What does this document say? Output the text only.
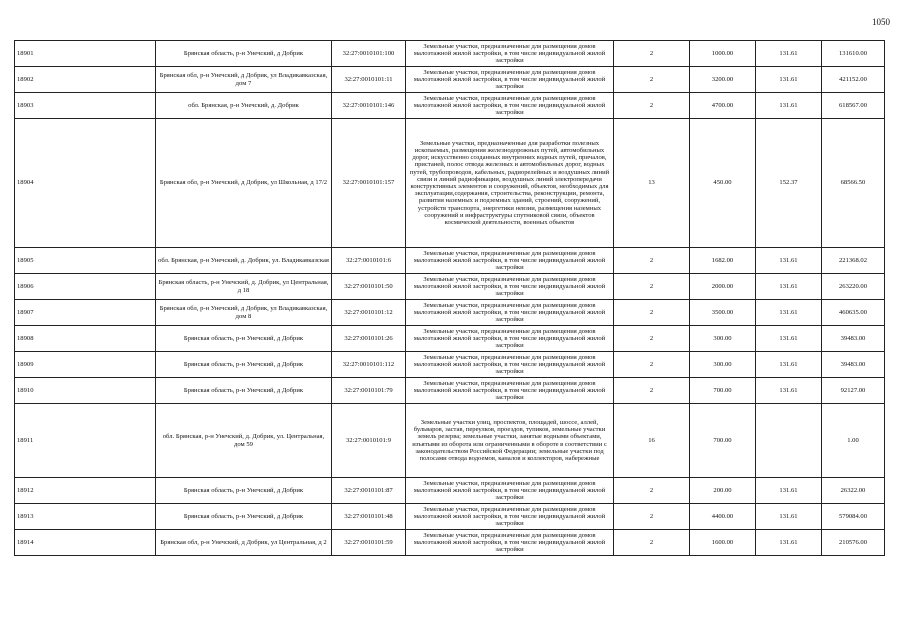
1050
18901	Брянская область, р-н Унечский, д Добрик	32:27:0010101:100	Земельные участки, предназначенные для размещения домов малоэтажной жилой застройки, в том числе индивидуальной жилой застройки	2	1000.00	131.61	131610.00
18902	Брянская обл, р-н Унечский, д Добрик, ул Владикавказская, дом 7	32:27:0010101:11	Земельные участки, предназначенные для размещения домов малоэтажной жилой застройки, в том числе индивидуальной жилой застройки	2	3200.00	131.61	421152.00
18903	обл. Брянская, р-н Унечский, д. Добрик	32:27:0010101:146	Земельные участки, предназначенные для размещения домов малоэтажной жилой застройки, в том числе индивидуальной жилой застройки	2	4700.00	131.61	618567.00
18904	Брянская обл, р-н Унечский, д Добрик, ул Школьная, д 17/2	32:27:0010101:157	Земельные участки, предназначенные для разработки полезных ископаемых, размещения железнодорожных путей, автомобильных дорог, искусственно созданных внутренних водных путей, причалов, пристаней, полос отвода железных и автомобильных дорог, водных путей, трубопроводов, кабельных, радиорелейных и воздушных линий связи и линий радиофикации, воздушных линий электропередачи конструктивных элементов и сооружений, объектов, необходимых для эксплуатации,содержания, строительства, реконструкции, ремонта, развития наземных и подземных зданий, строений, сооружений, устройств транспорта, энергетики невзии, размещения наземных сооружений и инфраструктуры спутниковой связи, объектов космической деятельности, военных объектов	13	450.00	152.37	68566.50
18905	обл. Брянская, р-н Унечский, д. Добрик, ул. Владикавказская	32:27:0010101:6	Земельные участки, предназначенные для размещения домов малоэтажной жилой застройки, в том числе индивидуальной жилой застройки	2	1682.00	131.61	221368.02
18906	Брянская область, р-н Унечский, д. Добрик, ул Центральная, д 18	32:27:0010101:50	Земельные участки, предназначенные для размещения домов малоэтажной жилой застройки, в том числе индивидуальной жилой застройки	2	2000.00	131.61	263220.00
18907	Брянская обл, р-н Унечский, д Добрик, ул Владикавказская, дом 8	32:27:0010101:12	Земельные участки, предназначенные для размещения домов малоэтажной жилой застройки, в том числе индивидуальной жилой застройки	2	3500.00	131.61	460635.00
18908	Брянская область, р-н Унечский, д Добрик	32:27:0010101:26	Земельные участки, предназначенные для размещения домов малоэтажной жилой застройки, в том числе индивидуальной жилой застройки	2	300.00	131.61	39483.00
18909	Брянская область, р-н Унечский, д Добрик	32:27:0010101:112	Земельные участки, предназначенные для размещения домов малоэтажной жилой застройки, в том числе индивидуальной жилой застройки	2	300.00	131.61	39483.00
18910	Брянская область, р-н Унечский, д Добрик	32:27:0010101:79	Земельные участки, предназначенные для размещения домов малоэтажной жилой застройки, в том числе индивидуальной жилой застройки	2	700.00	131.61	92127.00
18911	обл. Брянская, р-н Унечский, д. Добрик, ул. Центральная, дом 59	32:27:0010101:9	Земельные участки улиц, проспектов, площадей, шоссе, аллей, бульваров, застав, переулков, проездов, тупиков, земельные участки земель резерва; земельные участки, занятые водными объектами, изъятыми из оборота или ограниченными в обороте в соответствии с законодательством Российской Федерации; земельные участки под полосами отвода водоемов, каналов и коллекторов, набережные	16	700.00		1.00
18912	Брянская область, р-н Унечский, д Добрик	32:27:0010101:87	Земельные участки, предназначенные для размещения домов малоэтажной жилой застройки, в том числе индивидуальной жилой застройки	2	200.00	131.61	26322.00
18913	Брянская область, р-н Унечский, д Добрик	32:27:0010101:48	Земельные участки, предназначенные для размещения домов малоэтажной жилой застройки, в том числе индивидуальной жилой застройки	2	4400.00	131.61	579084.00
18914	Брянская обл, р-н Унечский, д Добрик, ул Центральная, д 2	32:27:0010101:59	Земельные участки, предназначенные для размещения домов малоэтажной жилой застройки, в том числе индивидуальной жилой застройки	2	1600.00	131.61	210576.00
